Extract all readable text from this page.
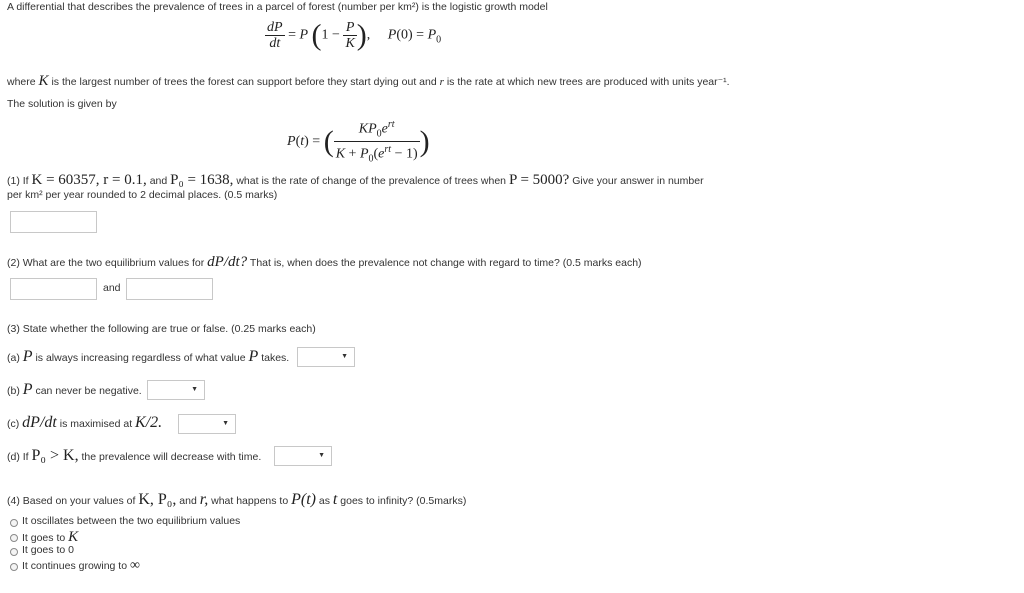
A differential that describes the prevalence of trees in a parcel of forest (number per km²) is the logistic growth model
$\frac{dP}{dt} = P$ ($1 - \frac{P}{K}$ ),     $P(0) = P_0$
where K is the largest number of trees the forest can support before they start dying out and r is the rate at which new trees are produced with units year⁻¹.
The solution is given by
P(t) = ( $\frac{KP_0e^{rt}}{K + P_0(e^{rt} - 1)}$ )
(1) If K = 60357, r = 0.1, and P₀ = 1638, what is the rate of change of the prevalence of trees when P = 5000? Give your answer in number
per km² per year rounded to 2 decimal places. (0.5 marks)
(2) What are the two equilibrium values for dP/dt? That is, when does the prevalence not change with regard to time? (0.5 marks each)
and
(3) State whether the following are true or false. (0.25 marks each)
(a) P is always increasing regardless of what value P takes.	▼
(b) P can never be negative.	▼
(c) dP/dt is maximised at K/2.	▼
(d) If P₀ > K, the prevalence will decrease with time.	▼
(4) Based on your values of K, P₀, and r, what happens to P(t) as t goes to infinity? (0.5marks)
It oscillates between the two equilibrium values
It goes to K
It goes to 0
It continues growing to ∞
